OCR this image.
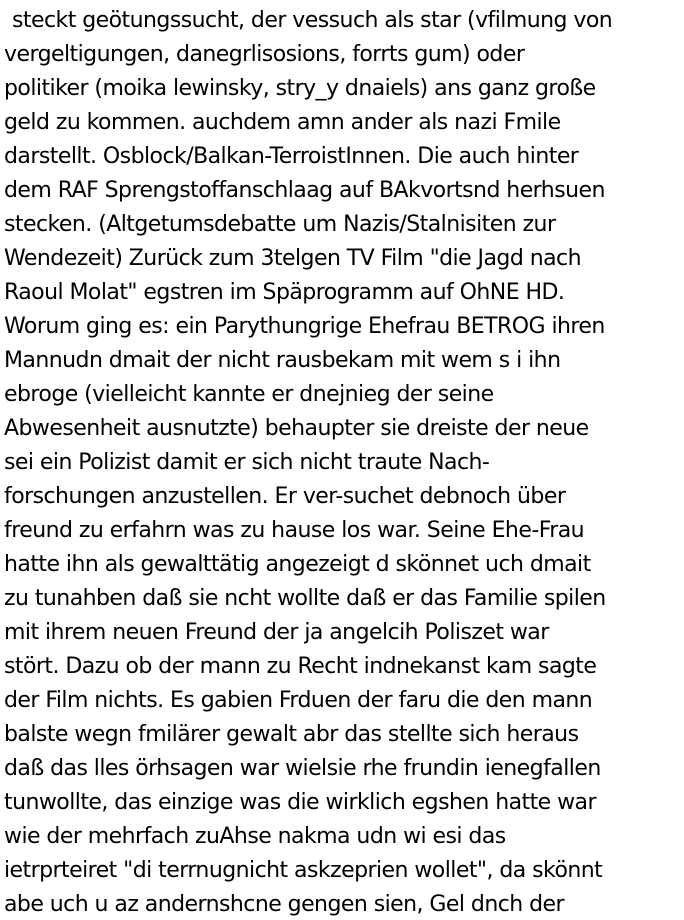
steckt geötungssucht, der vessuch als star (vfilmung von
vergeltigungen, danegrlisosions, forrts gum) oder
politiker (moika lewinsky, stry_y dnaiels) ans ganz große
geld zu kommen. auchdem amn ander als nazi Fmile
darstellt. Osblock/Balkan-TerroistInnen. Die auch hinter
dem RAF Sprengstoffanschlaag auf BAkvortsnd herhsuen
stecken. (Altgetumsdebatte um Nazis/Stalnisiten zur
Wendezeit) Zurück zum 3telgen TV Film "die Jagd nach
Raoul Molat" egstren im Späprogramm auf OhNE HD.
Worum ging es: ein Parythungrige Ehefrau BETROG ihren
Mannudn dmait der nicht rausbekam mit wem s i ihn
ebroge (vielleicht kannte er dnejnieg der seine
Abwesenheit ausnutzte) behaupter sie dreiste der neue
sei ein Polizist damit er sich nicht traute Nach-
forschungen anzustellen. Er ver-suchet debnoch über
freund zu erfahrn was zu hause los war. Seine Ehe-Frau
hatte ihn als gewalttätig angezeigt d skönnet uch dmait
zu tunahben daß sie ncht wollte daß er das Familie spilen
mit ihrem neuen Freund der ja angelcih Poliszet war
stört. Dazu ob der mann zu Recht indnekanst kam sagte
der Film nichts. Es gabien Frduen der faru die den mann
balste wegn fmilärer gewalt abr das stellte sich heraus
daß das lles örhsagen war wielsie rhe frundin ienegfallen
tunwollte, das einzige was die wirklich egshen hatte war
wie der mehrfach zuAhse nakma udn wi esi das
ietrprteiret "di terrnugnicht askzeprien wollet", da skönnt
abe uch u az andernshcne gengen sien, Gel dnch der
